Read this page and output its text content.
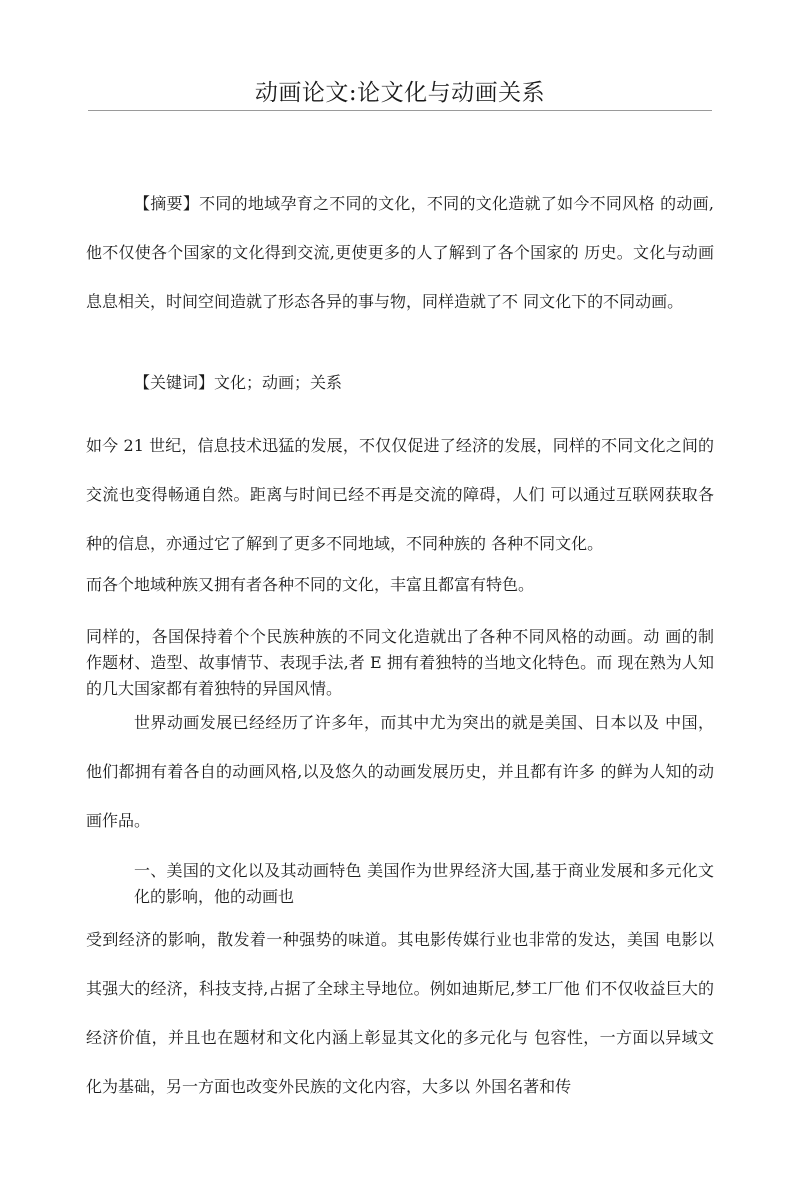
动画论文:论文化与动画关系

【摘要】不同的地域孕育之不同的文化，不同的文化造就了如今不同风格 的动画,他不仅使各个国家的文化得到交流,更使更多的人了解到了各个国家的 历史。文化与动画息息相关，时间空间造就了形态各异的事与物，同样造就了不 同文化下的不同动画。

【关键词】文化；动画；关系

如今 21 世纪，信息技术迅猛的发展，不仅仅促进了经济的发展，同样的不同文化之间的交流也变得畅通自然。距离与时间已经不再是交流的障碍，人们 可以通过互联网获取各种的信息，亦通过它了解到了更多不同地域，不同种族的 各种不同文化。

而各个地域种族又拥有者各种不同的文化，丰富且都富有特色。

同样的，各国保持着个个民族种族的不同文化造就出了各种不同风格的动画。动 画的制作题材、造型、故事情节、表现手法,者 E 拥有着独特的当地文化特色。而 现在熟为人知的几大国家都有着独特的异国风情。

世界动画发展已经经历了许多年，而其中尤为突出的就是美国、日本以及 中国，他们都拥有着各自的动画风格,以及悠久的动画发展历史，并且都有许多 的鲜为人知的动画作品。

一、美国的文化以及其动画特色 美国作为世界经济大国,基于商业发展和多元化文化的影响，他的动画也

受到经济的影响，散发着一种强势的味道。其电影传媒行业也非常的发达，美国 电影以其强大的经济，科技支持,占据了全球主导地位。例如迪斯尼,梦工厂他 们不仅收益巨大的经济价值，并且也在题材和文化内涵上彰显其文化的多元化与 包容性，一方面以异域文化为基础，另一方面也改变外民族的文化内容，大多以 外国名著和传
